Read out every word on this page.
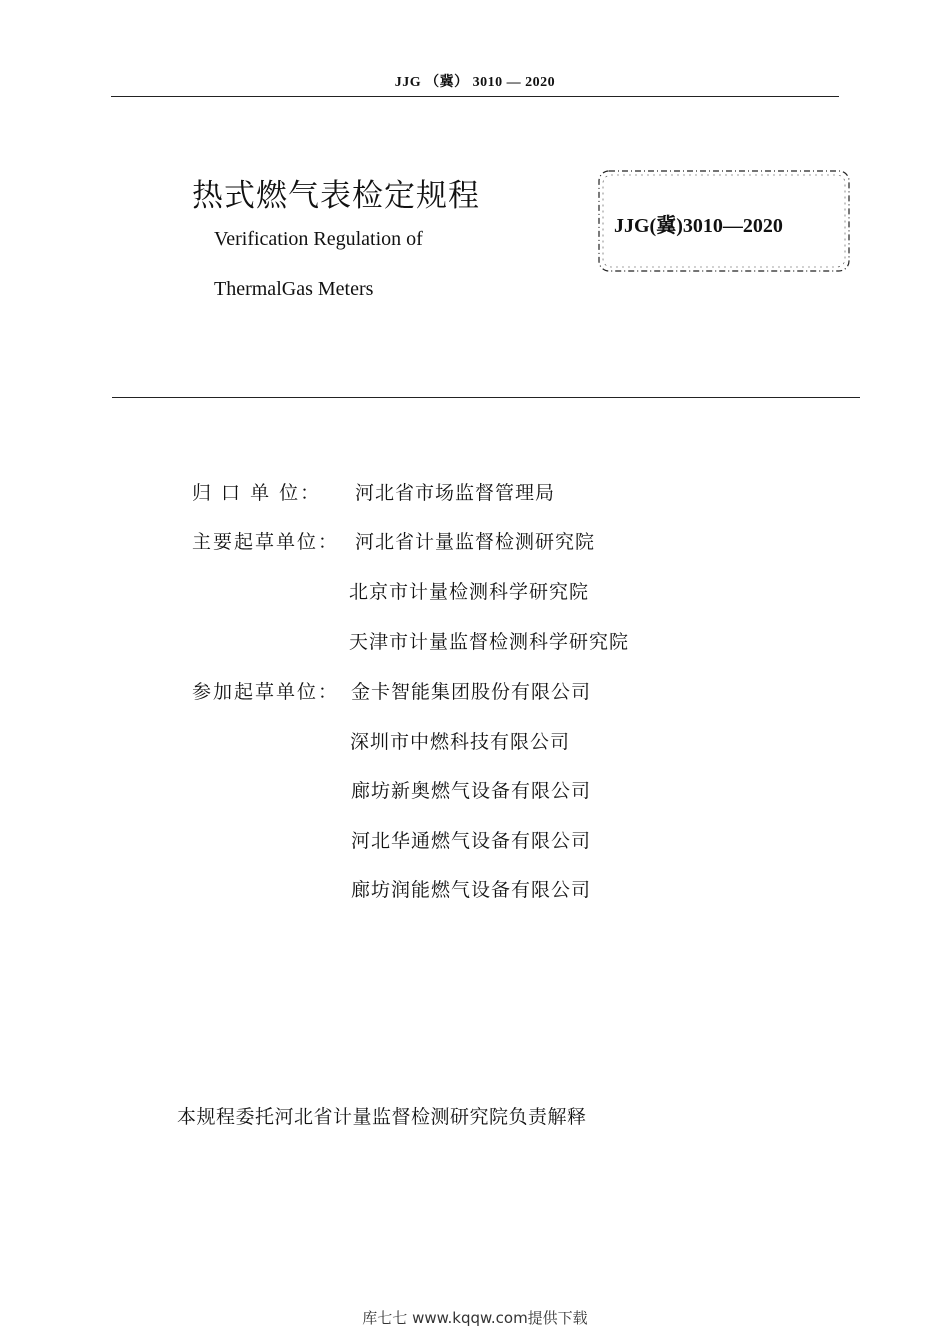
JJG （冀） 3010 — 2020
热式燃气表检定规程
Verification Regulation of
ThermalGas Meters
JJG(冀)3010—2020
归 口 单 位： 河北省市场监督管理局
主要起草单位： 河北省计量监督检测研究院
北京市计量检测科学研究院
天津市计量监督检测科学研究院
参加起草单位： 金卡智能集团股份有限公司
深圳市中燃科技有限公司
廊坊新奥燃气设备有限公司
河北华通燃气设备有限公司
廊坊润能燃气设备有限公司
本规程委托河北省计量监督检测研究院负责解释
库七七 www.kqqw.com提供下载
